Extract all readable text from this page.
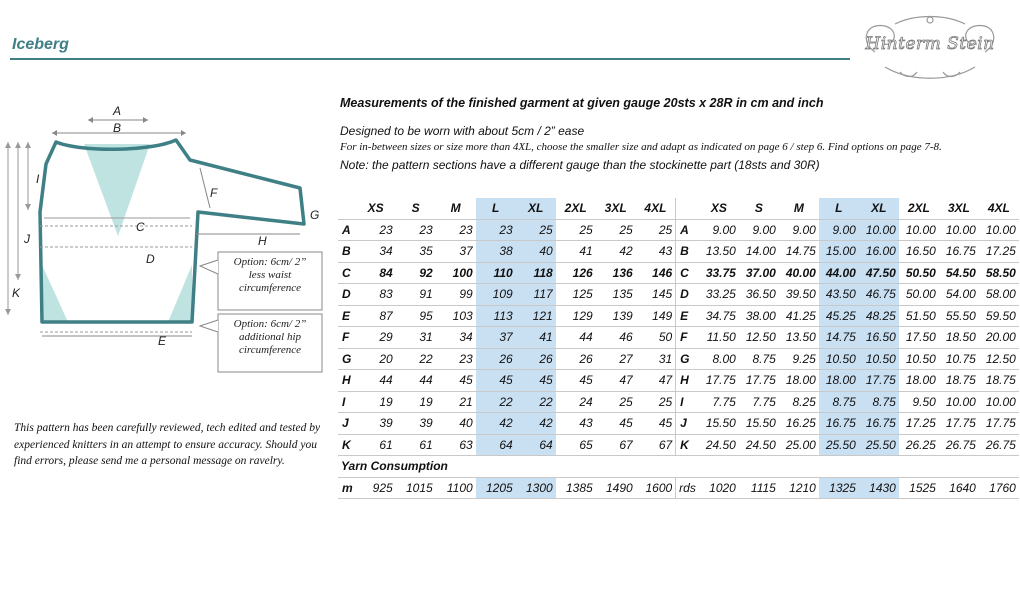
Iceberg	Hinterm Stein
Measurements of the finished garment at given gauge 20sts x 28R in cm and inch
Designed to be worn with about 5cm / 2” ease
For in-between sizes or size more than 4XL, choose the smaller size and adapt as indicated on page 6 / step 6. Find options on page 7-8.
Note: the pattern sections have a different gauge than the stockinette part (18sts and 30R)
A
B
C
D
E
F
G
H
I
J
K
Option: 6cm/ 2”
less waist
circumference
Option: 6cm/ 2”
additional hip
circumference
This pattern has been carefully reviewed, tech edited and tested by experienced knitters in an attempt to ensure accuracy. Should you find errors, please send me a personal message on ravelry.
	XS	S	M	L	XL	2XL	3XL	4XL		XS	S	M	L	XL	2XL	3XL	4XL
A	23	23	23	23	25	25	25	25	A	9.00	9.00	9.00	9.00	10.00	10.00	10.00	10.00
B	34	35	37	38	40	41	42	43	B	13.50	14.00	14.75	15.00	16.00	16.50	16.75	17.25
C	84	92	100	110	118	126	136	146	C	33.75	37.00	40.00	44.00	47.50	50.50	54.50	58.50
D	83	91	99	109	117	125	135	145	D	33.25	36.50	39.50	43.50	46.75	50.00	54.00	58.00
E	87	95	103	113	121	129	139	149	E	34.75	38.00	41.25	45.25	48.25	51.50	55.50	59.50
F	29	31	34	37	41	44	46	50	F	11.50	12.50	13.50	14.75	16.50	17.50	18.50	20.00
G	20	22	23	26	26	26	27	31	G	8.00	8.75	9.25	10.50	10.50	10.50	10.75	12.50
H	44	44	45	45	45	45	47	47	H	17.75	17.75	18.00	18.00	17.75	18.00	18.75	18.75
I	19	19	21	22	22	24	25	25	I	7.75	7.75	8.25	8.75	8.75	9.50	10.00	10.00
J	39	39	40	42	42	43	45	45	J	15.50	15.50	16.25	16.75	16.75	17.25	17.75	17.75
K	61	61	63	64	64	65	67	67	K	24.50	24.50	25.00	25.50	25.50	26.25	26.75	26.75
Yarn Consumption																	
m	925	1015	1100	1205	1300	1385	1490	1600	rds	1020	1115	1210	1325	1430	1525	1640	1760
